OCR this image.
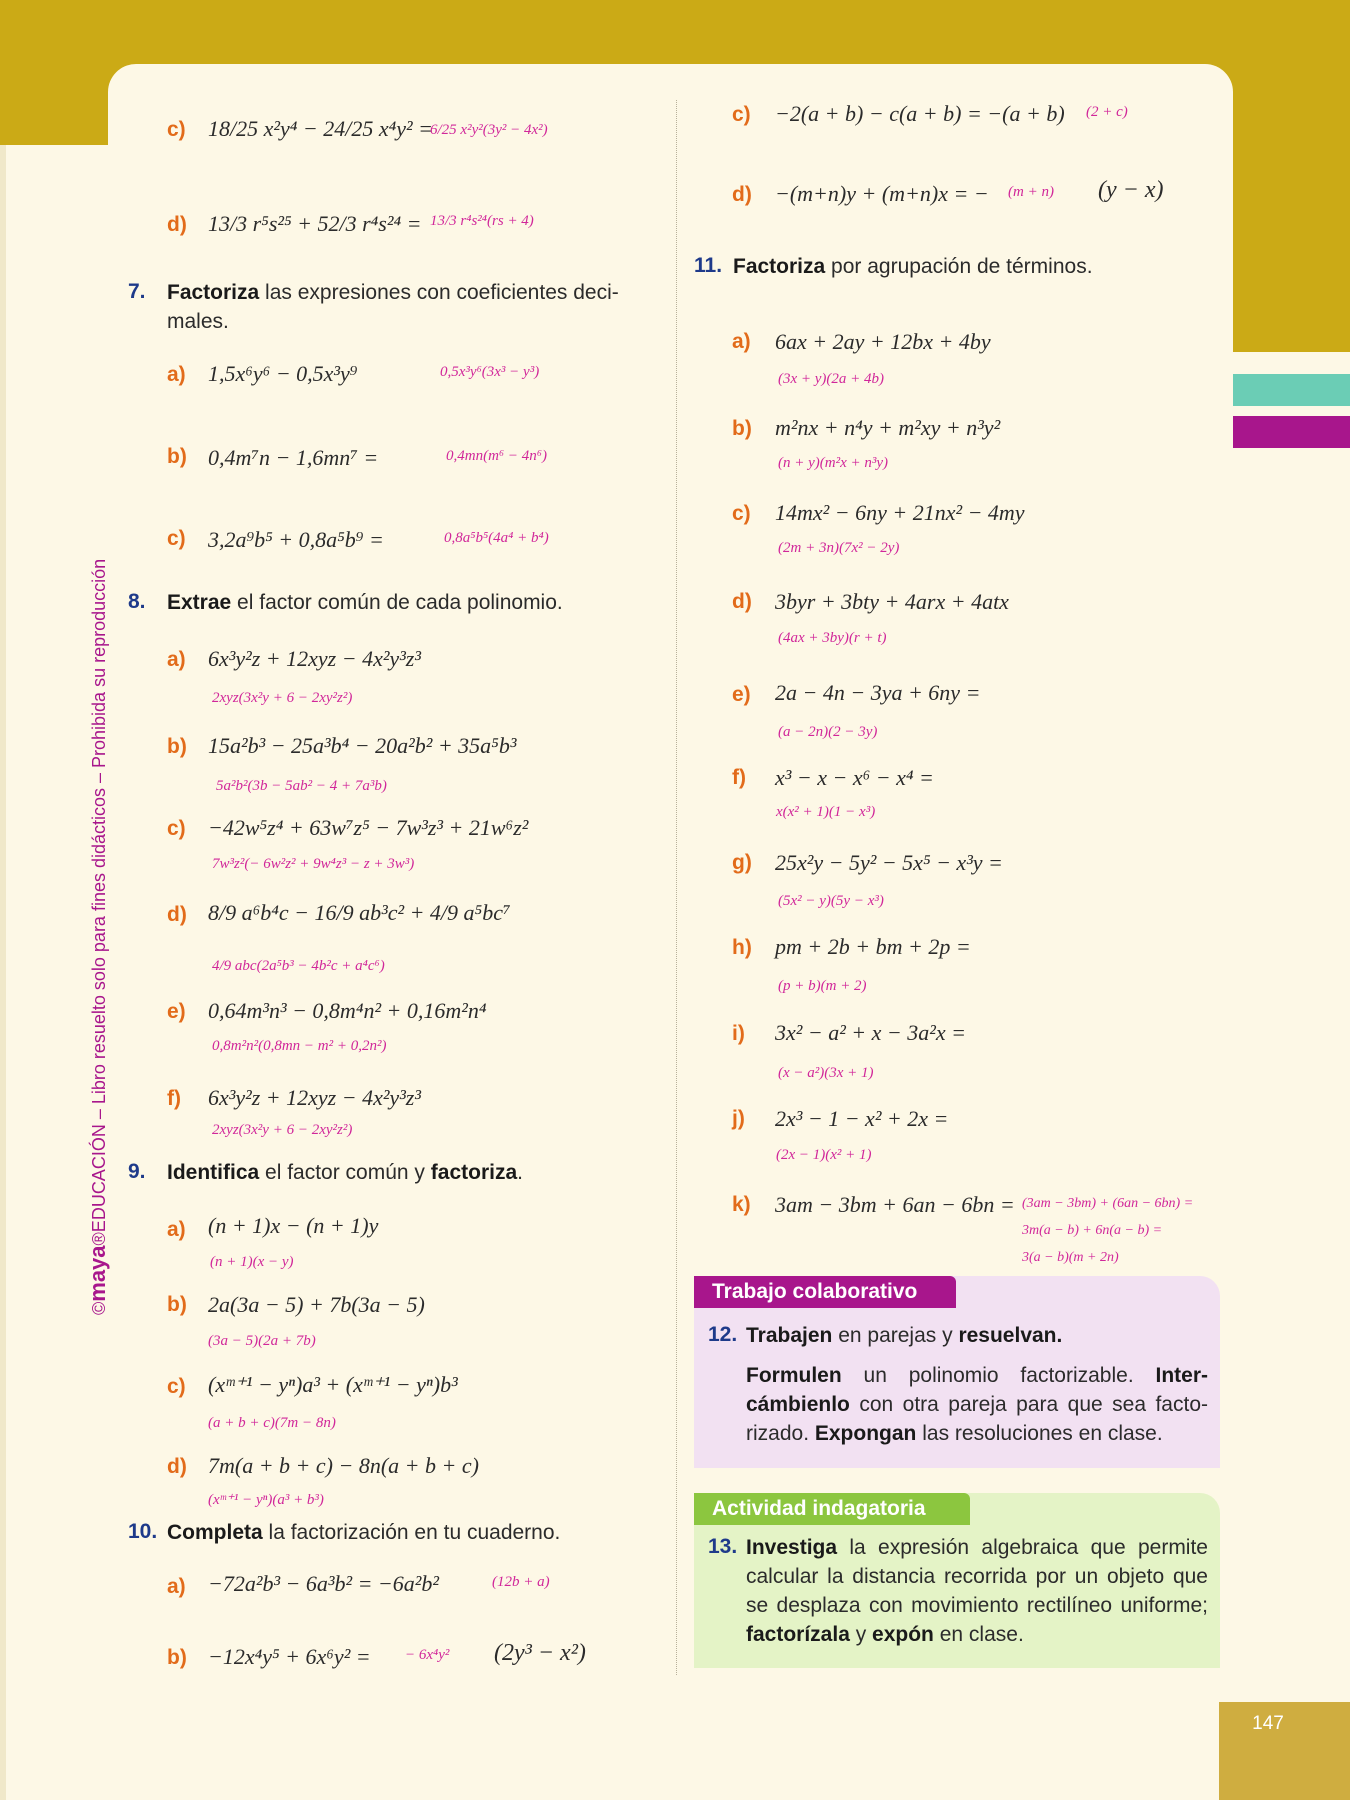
©maya®EDUCACIÓN – Libro resuelto solo para fines didácticos – Prohibida su reproducción
c) 18/25 x²y⁴ − 24/25 x⁴y² =
6/25 x²y²(3y² − 4x²)
d) 13/3 r⁵s²⁵ + 52/3 r⁴s²⁴ = 13/3 r⁴s²⁴(rs + 4)
7. Factoriza las expresiones con coeficientes deci-males.
a) 1,5x⁶y⁶ − 0,5x³y⁹	0,5x³y⁶(3x³ − y³)
b) 0,4m⁷n − 1,6mn⁷ =	0,4mn(m⁶ − 4n⁶)
c) 3,2a⁹b⁵ + 0,8a⁵b⁹ =	0,8a⁵b⁵(4a⁴ + b⁴)
8. Extrae el factor común de cada polinomio.
a) 6x³y²z + 12xyz − 4x²y³z³
2xyz(3x²y + 6 − 2xy²z²)
b) 15a²b³ − 25a³b⁴ − 20a²b² + 35a⁵b³
5a²b²(3b − 5ab² − 4 + 7a³b)
c) −42w⁵z⁴ + 63w⁷z⁵ − 7w³z³ + 21w⁶z²
7w³z²(− 6w²z² + 9w⁴z³ − z + 3w³)
d) 8/9 a⁶b⁴c − 16/9 ab³c² + 4/9 a⁵bc⁷
4/9 abc(2a⁵b³ − 4b²c + a⁴c⁶)
e) 0,64m³n³ − 0,8m⁴n² + 0,16m²n⁴
0,8m²n²(0,8mn − m² + 0,2n²)
f) 6x³y²z + 12xyz − 4x²y³z³
2xyz(3x²y + 6 − 2xy²z²)
9. Identifica el factor común y factoriza.
a) (n + 1)x − (n + 1)y
(n + 1)(x − y)
b) 2a(3a − 5) + 7b(3a − 5)
(3a − 5)(2a + 7b)
c) (xᵐ⁺¹ − yⁿ)a³ + (xᵐ⁺¹ − yⁿ)b³
(a + b + c)(7m − 8n)
d) 7m(a + b + c) − 8n(a + b + c)
(xᵐ⁺¹ − yⁿ)(a³ + b³)
10. Completa la factorización en tu cuaderno.
a) −72a²b³ − 6a³b² = −6a²b²	(12b + a)
b) −12x⁴y⁵ + 6x⁶y² = − 6x⁴y² (2y³ − x²)
c) −2(a + b) − c(a + b) = −(a + b) (2 + c)
d) −(m+n)y + (m+n)x = − (m + n) (y − x)
11. Factoriza por agrupación de términos.
a) 6ax + 2ay + 12bx + 4by
(3x + y)(2a + 4b)
b) m²nx + n⁴y + m²xy + n³y²
(n + y)(m²x + n³y)
c) 14mx² − 6ny + 21nx² − 4my
(2m + 3n)(7x² − 2y)
d) 3byr + 3bty + 4arx + 4atx
(4ax + 3by)(r + t)
e) 2a − 4n − 3ya + 6ny =
(a − 2n)(2 − 3y)
f) x³ − x − x⁶ − x⁴ =
x(x² + 1)(1 − x³)
g) 25x²y − 5y² − 5x⁵ − x³y =
(5x² − y)(5y − x³)
h) pm + 2b + bm + 2p =
(p + b)(m + 2)
i) 3x² − a² + x − 3a²x =
(x − a²)(3x + 1)
j) 2x³ − 1 − x² + 2x =
(2x − 1)(x² + 1)
k) 3am − 3bm + 6an − 6bn = (3am − 3bm) + (6an − 6bn) =
3m(a − b) + 6n(a − b) =
3(a − b)(m + 2n)
Trabajo colaborativo
12. Trabajen en parejas y resuelvan.
Formulen un polinomio factorizable. Inter-cámbienlo con otra pareja para que sea facto-rizado. Expongan las resoluciones en clase.
Actividad indagatoria
13. Investiga la expresión algebraica que permite calcular la distancia recorrida por un objeto que se desplaza con movimiento rectilíneo uniforme; factorízala y expón en clase.
147
